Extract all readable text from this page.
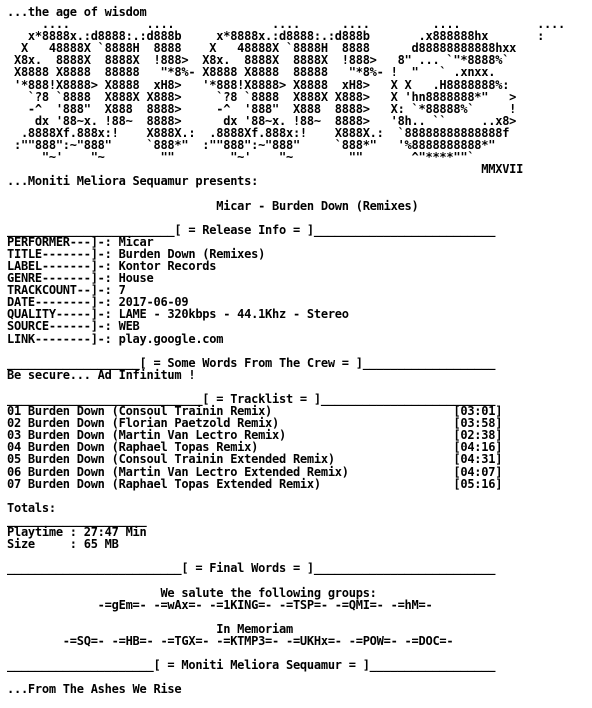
...the age of wisdom
....           ....              ....      ....         ....           ....
x*8888x.:d8888:.:d888b     x*8888x.:d8888:.:d888b       .x888888hx       :
X   48888X `8888H  8888    X   48888X `8888H  8888      d88888888888hxx
X8x.  8888X  8888X  !888>  X8x.  8888X  8888X  !888>   8" ... `"*8888%`
X8888 X8888  88888   "*8%- X8888 X8888  88888   "*8%- !  "   ` .xnxx.
'*888!X8888> X8888  xH8>   '*888!X8888> X8888  xH8>   X X   .H8888888%:
`?8 `8888  X888X X888>     `?8 `8888  X888X X888>   X 'hn8888888*"   >
-^  '888"  X888  8888>     -^  '888"  X888  8888>   X: `*88888%`     !
dx '88~x. !88~  8888>      dx '88~x. !88~  8888>   '8h.. ``     ..x8>
.8888Xf.888x:!    X888X.:  .8888Xf.888x:!    X888X.:  `88888888888888f
:""888":~"888"     `888*"  :""888":~"888"     `888*"   '%8888888888*"
"~'    "~        ""        "~'    "~        ""       ^"****""`
MMXVII
...Moniti Meliora Sequamur presents:
Micar - Burden Down (Remixes)
________________________[ = Release Info = ]__________________________
PERFORMER---]-: Micar
TITLE-------]-: Burden Down (Remixes)
LABEL-------]-: Kontor Records
GENRE-------]-: House
TRACKCOUNT--]-: 7
DATE--------]-: 2017-06-09
QUALITY-----]-: LAME - 320kbps - 44.1Khz - Stereo
SOURCE------]-: WEB
LINK--------]-: play.google.com
___________________[ = Some Words From The Crew = ]___________________
Be secure... Ad Infinitum !
____________________________[ = Tracklist = ]_________________________
01 Burden Down (Consoul Trainin Remix)                          [03:01]
02 Burden Down (Florian Paetzold Remix)                         [03:58]
03 Burden Down (Martin Van Lectro Remix)                        [02:38]
04 Burden Down (Raphael Topas Remix)                            [04:16]
05 Burden Down (Consoul Trainin Extended Remix)                 [04:31]
06 Burden Down (Martin Van Lectro Extended Remix)               [04:07]
07 Burden Down (Raphael Topas Extended Remix)                   [05:16]
Totals:
____________________
Playtime : 27:47 Min
Size     : 65 MB
_________________________[ = Final Words = ]__________________________
We salute the following groups:
-=gEm=- -=wAx=- -=1KING=- -=TSP=- -=QMI=- -=hM=-
In Memoriam
-=SQ=- -=HB=- -=TGX=- -=KTMP3=- -=UKHx=- -=POW=- -=DOC=-
_____________________[ = Moniti Meliora Sequamur = ]__________________
...From The Ashes We Rise
